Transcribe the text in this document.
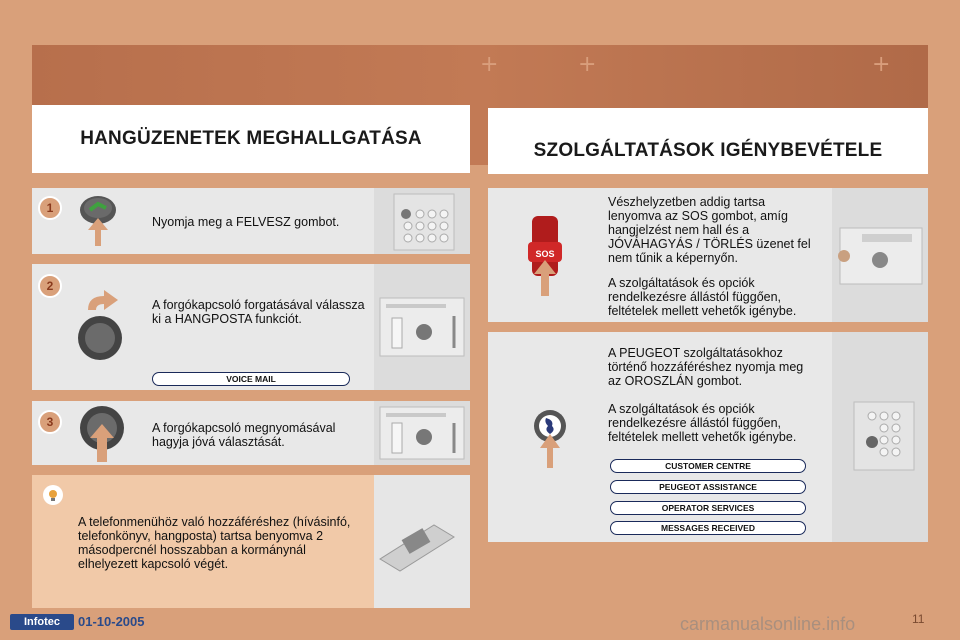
+	+	+
HANGÜZENETEK MEGHALLGATÁSA
SZOLGÁLTATÁSOK IGÉNYBEVÉTELE
1
Nyomja meg a FELVESZ gombot.
2
A forgókapcsoló forgatásával válassza ki a HANGPOSTA funkciót.
VOICE MAIL
3	A forgókapcsoló megnyomásával hagyja jóvá választását.
A telefonmenühöz való hozzáféréshez (hívásinfó, telefonkönyv, hangposta) tartsa benyomva 2 másodpercnél hosszabban a kormánynál elhelyezett kapcsoló végét.
SOS
Vészhelyzetben addig tartsa lenyomva az SOS gombot, amíg hangjelzést nem hall és a JÓVÁHAGYÁS / TÖRLÉS üzenet fel nem tűnik a képernyőn.
A szolgáltatások és opciók rendelkezésre állástól függően, feltételek mellett vehetők igénybe.
A PEUGEOT szolgáltatásokhoz történő hozzáféréshez nyomja meg az OROSZLÁN gombot.
A szolgáltatások és opciók rendelkezésre állástól függően, feltételek mellett vehetők igénybe.
CUSTOMER CENTRE
PEUGEOT ASSISTANCE
OPERATOR SERVICES
MESSAGES RECEIVED
Infotec	01-10-2005	carmanualsonline.info	11
